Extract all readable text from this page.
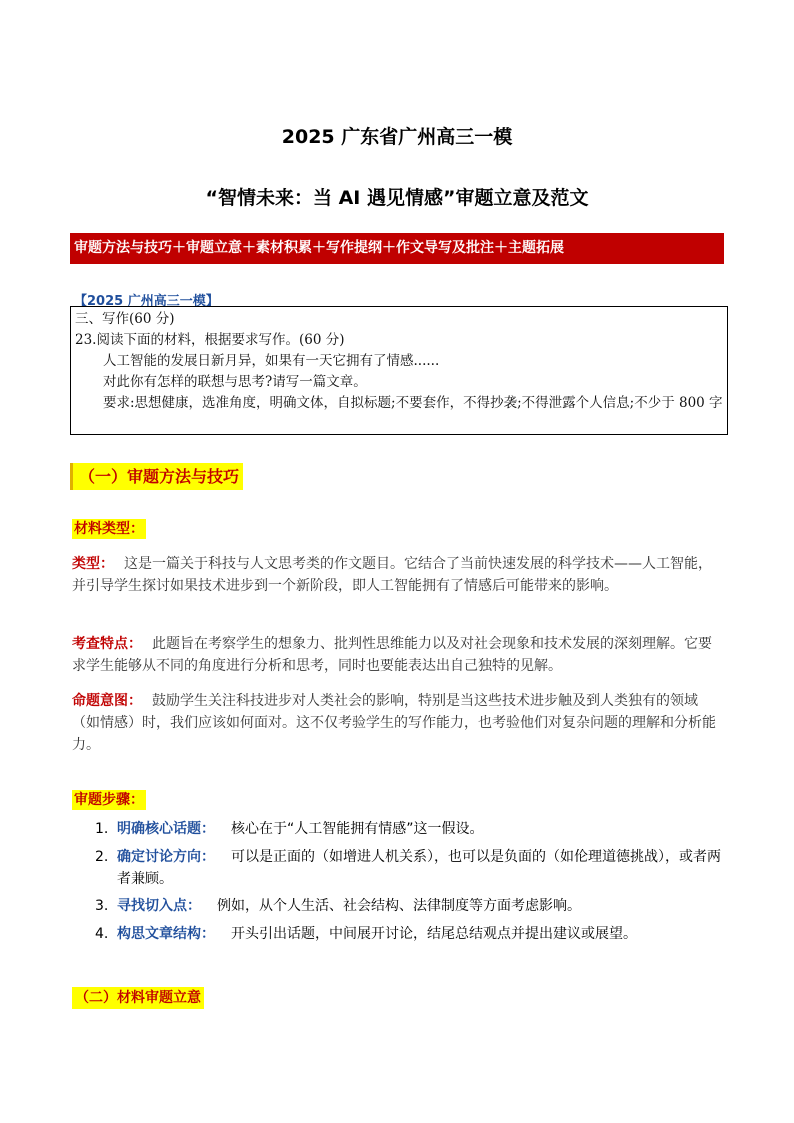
2025 广东省广州高三一模
“智情未来：当 AI 遇见情感”审题立意及范文
审题方法与技巧＋审题立意＋素材积累＋写作提纲＋作文导写及批注＋主题拓展
【2025 广州高三一模】
三、写作(60 分)
23.阅读下面的材料，根据要求写作。(60 分)
人工智能的发展日新月异，如果有一天它拥有了情感......
对此你有怎样的联想与思考?请写一篇文章。
要求:思想健康，选准角度，明确文体，自拟标题;不要套作，不得抄袭;不得泄露个人信息;不少于 800 字
（一）审题方法与技巧
材料类型：
类型： 这是一篇关于科技与人文思考类的作文题目。它结合了当前快速发展的科学技术——人工智能，并引导学生探讨如果技术进步到一个新阶段，即人工智能拥有了情感后可能带来的影响。
考查特点： 此题旨在考察学生的想象力、批判性思维能力以及对社会现象和技术发展的深刻理解。它要求学生能够从不同的角度进行分析和思考，同时也要能表达出自己独特的见解。
命题意图： 鼓励学生关注科技进步对人类社会的影响，特别是当这些技术进步触及到人类独有的领域（如情感）时，我们应该如何面对。这不仅考验学生的写作能力，也考验他们对复杂问题的理解和分析能力。
审题步骤：
1. 明确核心话题： 核心在于“人工智能拥有情感”这一假设。
2. 确定讨论方向： 可以是正面的（如增进人机关系），也可以是负面的（如伦理道德挑战），或者两者兼顾。
3. 寻找切入点： 例如，从个人生活、社会结构、法律制度等方面考虑影响。
4. 构思文章结构： 开头引出话题，中间展开讨论，结尾总结观点并提出建议或展望。
（二）材料审题立意
